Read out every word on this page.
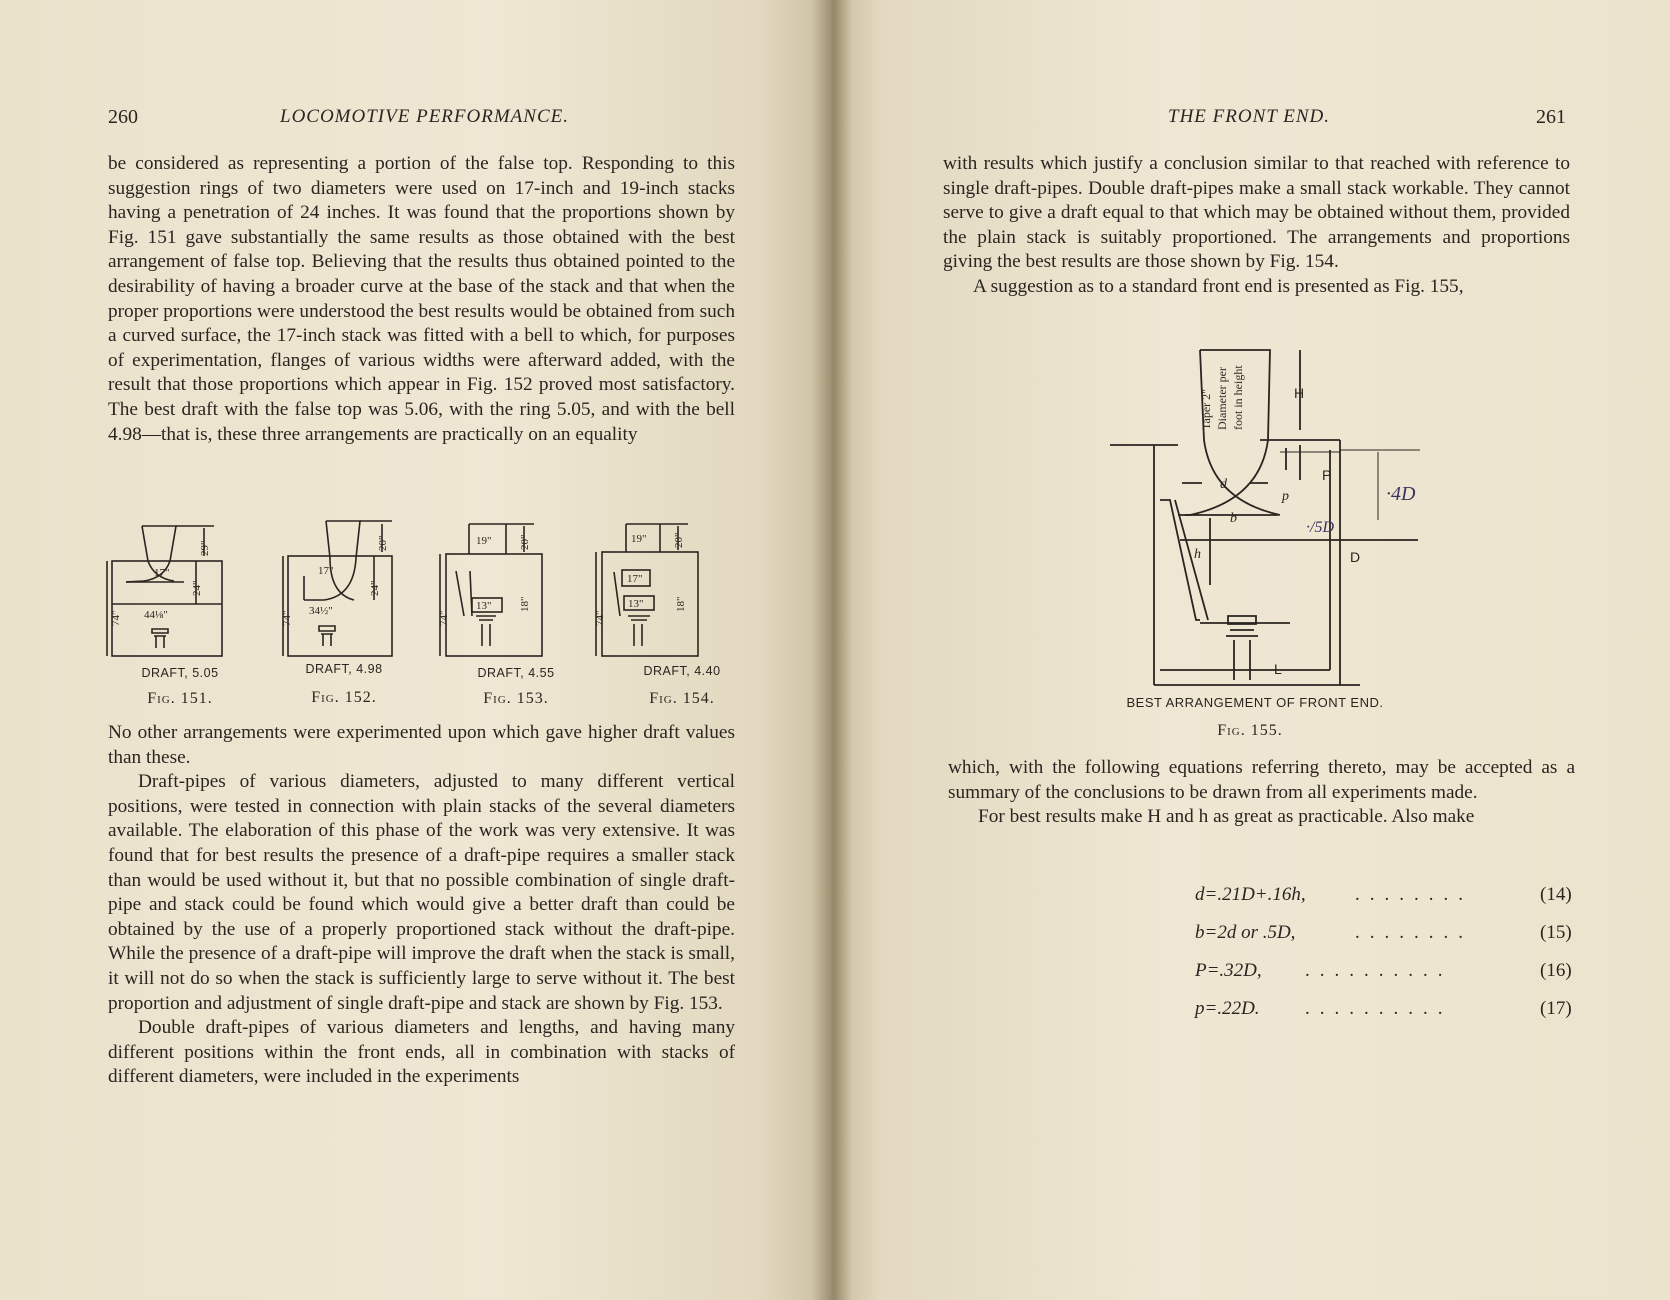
260	LOCOMOTIVE PERFORMANCE.

be considered as representing a portion of the false top. Responding to this suggestion rings of two diameters were used on 17-inch and 19-inch stacks having a penetration of 24 inches. It was found that the proportions shown by Fig. 151 gave substantially the same results as those obtained with the best arrangement of false top. Believing that the results thus obtained pointed to the desirability of having a broader curve at the base of the stack and that when the proper proportions were understood the best results would be obtained from such a curved surface, the 17-inch stack was fitted with a bell to which, for purposes of experimentation, flanges of various widths were afterward added, with the result that those proportions which appear in Fig. 152 proved most satisfactory. The best draft with the false top was 5.06, with the ring 5.05, and with the bell 4.98—that is, these three arrangements are practically on an equality

17"
74"
29"
24"
44⅛"
17"
74"
20"
24"
34½"
19"
74"
20"
13"	18"
19"
74"
20"
17"
13"	18"
DRAFT, 5.05	DRAFT, 4.98	DRAFT, 4.55	DRAFT, 4.40
Fig. 151.	Fig. 152.	Fig. 153.	Fig. 154.

No other arrangements were experimented upon which gave higher draft values than these.

Draft-pipes of various diameters, adjusted to many different vertical positions, were tested in connection with plain stacks of the several diameters available. The elaboration of this phase of the work was very extensive. It was found that for best results the presence of a draft-pipe requires a smaller stack than would be used without it, but that no possible combination of single draft-pipe and stack could be found which would give a better draft than could be obtained by the use of a properly proportioned stack without the draft-pipe. While the presence of a draft-pipe will improve the draft when the stack is small, it will not do so when the stack is sufficiently large to serve without it. The best proportion and adjustment of single draft-pipe and stack are shown by Fig. 153.

Double draft-pipes of various diameters and lengths, and having many different positions within the front ends, all in combination with stacks of different diameters, were included in the experiments

THE FRONT END.	261

with results which justify a conclusion similar to that reached with reference to single draft-pipes. Double draft-pipes make a small stack workable. They cannot serve to give a draft equal to that which may be obtained without them, provided the plain stack is suitably proportioned. The arrangements and proportions giving the best results are those shown by Fig. 154.

A suggestion as to a standard front end is presented as Fig. 155,

Taper 2" Diameter per foot in height	H
d
P
p
b
h	D
L
·4D
·/5D
BEST ARRANGEMENT OF FRONT END.
Fig. 155.

which, with the following equations referring thereto, may be accepted as a summary of the conclusions to be drawn from all experiments made.

For best results make H and h as great as practicable. Also make

d=.21D+.16h,	........	(14)
b=2d or .5D,	........	(15)
P=.32D, ..........	(16)
p=.22D. ..........	(17)
